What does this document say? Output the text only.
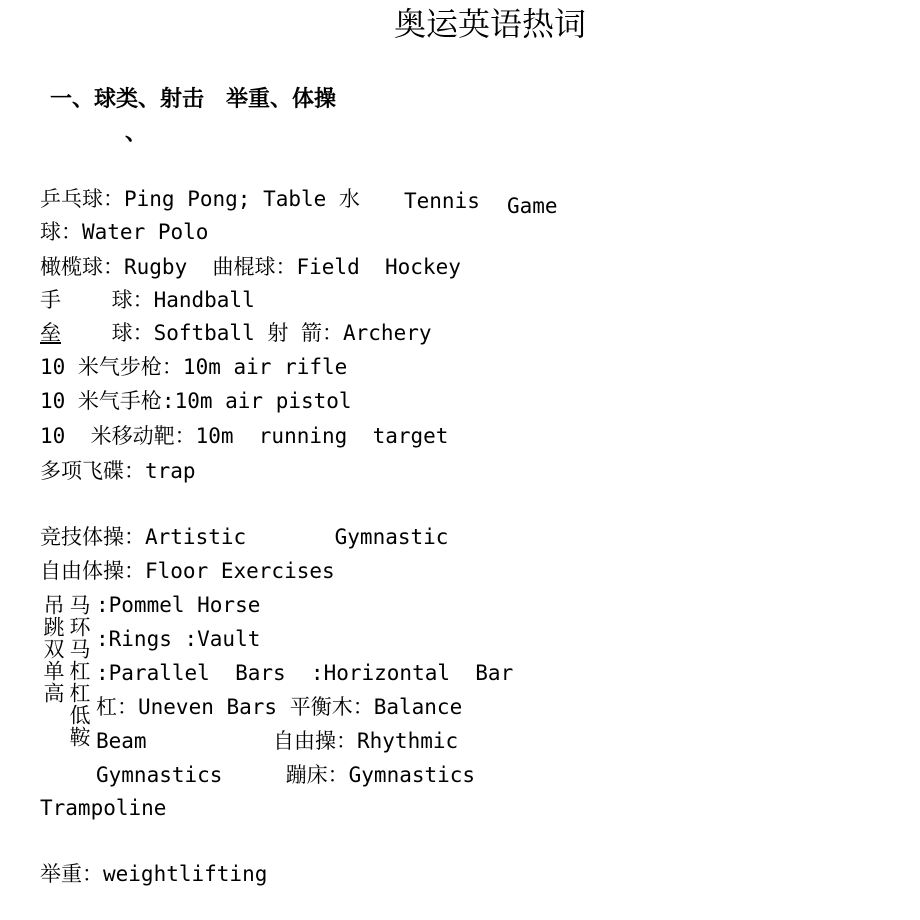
奥运英语热词
一、球类、射击　举重、体操
、
乒乓球：Ping Pong; Table 水 Tennis Game
球：Water Polo
橄榄球：Rugby  曲棍球：Field  Hockey
手    球：Handball
垒    球：Softball 射 箭：Archery
10 米气步枪：10m air rifle
10 米气手枪:10m air pistol
10  米移动靶：10m  running  target
多项飞碟：trap
竞技体操：Artistic       Gymnastic
自由体操：Floor Exercises
:Pommel Horse
:Rings :Vault
:Parallel  Bars  :Horizontal  Bar
杠：Uneven Bars 平衡木：Balance
Beam          自由操：Rhythmic
Gymnastics     蹦床：Gymnastics
Trampoline
举重：weightlifting
马环马杠杠低鞍吊跳双单高
